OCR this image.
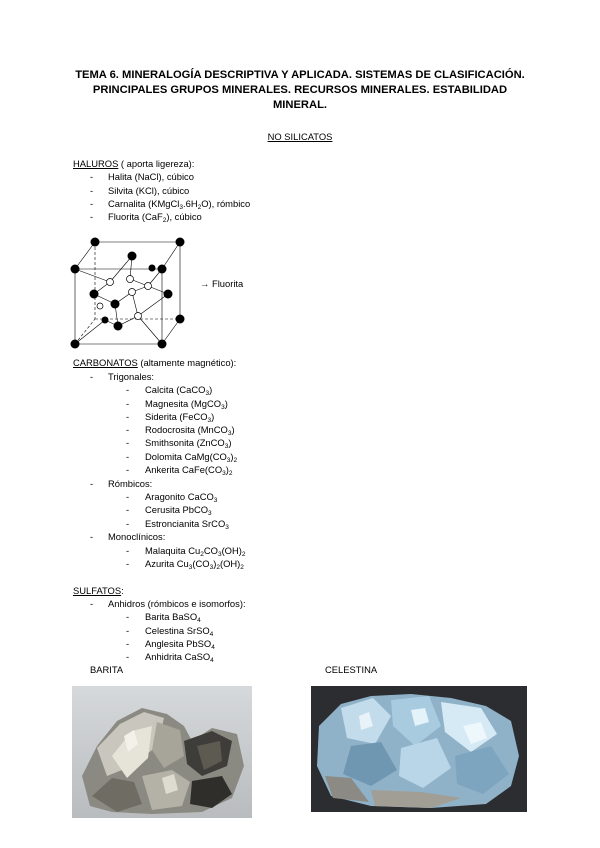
TEMA 6. MINERALOGÍA DESCRIPTIVA Y APLICADA. SISTEMAS DE CLASIFICACIÓN.
PRINCIPALES GRUPOS MINERALES. RECURSOS MINERALES. ESTABILIDAD
MINERAL.
NO SILICATOS
HALUROS ( aporta ligereza):
- Halita (NaCl), cúbico
- Silvita (KCl), cúbico
- Carnalita $(KMgCl_3.6H_2O)$, rómbico
- Fluorita (CaF$_2$), cúbico
→ Fluorita
CARBONATOS (altamente magnético):
- Trigonales:
- Calcita (CaCO$_3$)
- Magnesita (MgCO$_3$)
- Siderita (FeCO$_3$)
- Rodocrosita (MnCO$_3$)
- Smithsonita (ZnCO$_3$)
- Dolomita $CaMg(CO_3)_2$
- Ankerita $CaFe(CO_3)_2$
- Rómbicos:
- Aragonito CaCO$_3$
- Cerusita PbCO$_3$
- Estroncianita SrCO$_3$
- Monoclínicos:
- Malaquita $Cu_2CO_3(OH)_2$
- Azurita $Cu_3(CO_3)_2(OH)_2$
SULFATOS:
- Anhidros (rómbicos e isomorfos):
- Barita BaSO$_4$
- Celestina SrSO$_4$
- Anglesita PbSO$_4$
- Anhidrita CaSO$_4$
BARITA	CELESTINA
